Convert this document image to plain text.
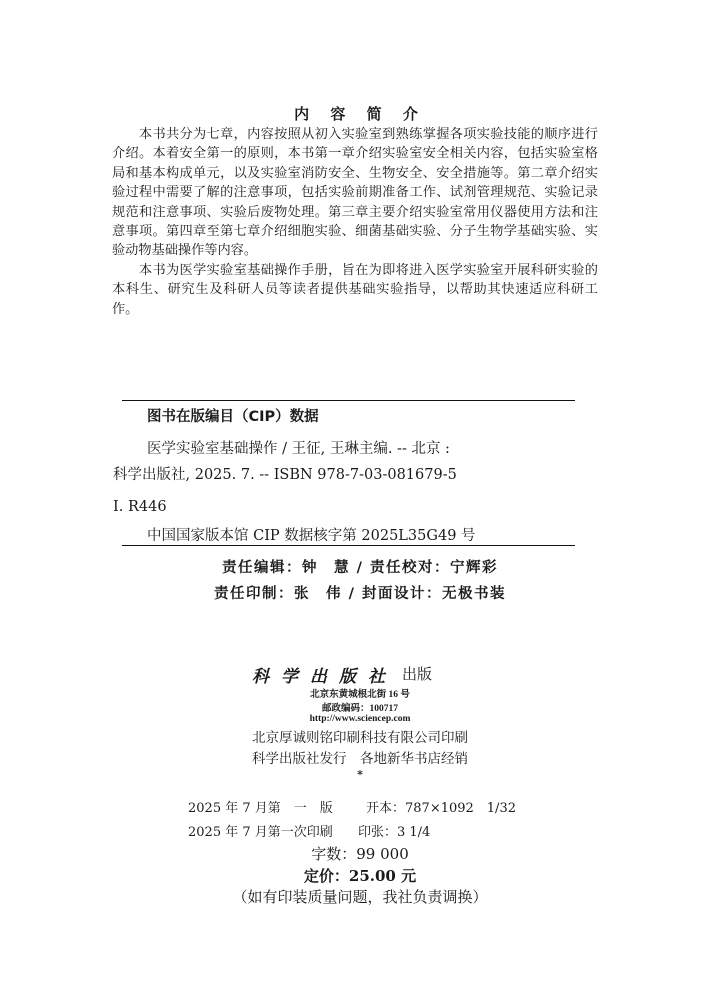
内 容 简 介

本书共分为七章，内容按照从初入实验室到熟练掌握各项实验技能的顺序进行介绍。本着安全第一的原则，本书第一章介绍实验室安全相关内容，包括实验室格局和基本构成单元，以及实验室消防安全、生物安全、安全措施等。第二章介绍实验过程中需要了解的注意事项，包括实验前期准备工作、试剂管理规范、实验记录规范和注意事项、实验后废物处理。第三章主要介绍实验室常用仪器使用方法和注意事项。第四章至第七章介绍细胞实验、细菌基础实验、分子生物学基础实验、实验动物基础操作等内容。

本书为医学实验室基础操作手册，旨在为即将进入医学实验室开展科研实验的本科生、研究生及科研人员等读者提供基础实验指导，以帮助其快速适应科研工作。

图书在版编目（CIP）数据
医学实验室基础操作 / 王征, 王琳主编. -- 北京 :
科学出版社, 2025. 7. -- ISBN 978-7-03-081679-5
Ⅰ. R446
中国国家版本馆 CIP 数据核字第 2025L35G49 号
责任编辑：钟　慧 / 责任校对：宁辉彩
责任印制：张　伟 / 封面设计：无极书装
科学出版社 出版
北京东黄城根北街 16 号
邮政编码：100717
http://www.sciencep.com
北京厚诚则铭印刷科技有限公司印刷
科学出版社发行　各地新华书店经销
*
2025 年 7 月第　一　版	开本：787×1092　1/32
2025 年 7 月第一次印刷 印张：3 1/4
字数：99 000
定价：25.00 元
（如有印装质量问题，我社负责调换）
